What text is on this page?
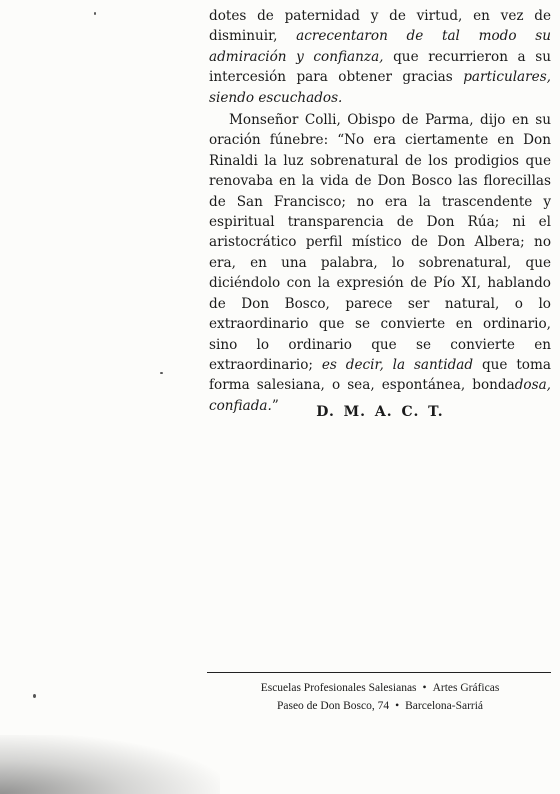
dotes de paternidad y de virtud, en vez de disminuir, acrecentaron de tal modo su admiración y confianza, que recurrieron a su intercesión para obtener gracias particulares, siendo escuchados.

Monseñor Colli, Obispo de Parma, dijo en su oración fúnebre: “No era ciertamente en Don Rinaldi la luz sobrenatural de los prodigios que renovaba en la vida de Don Bosco las florecillas de San Francisco; no era la trascendente y espiritual transparencia de Don Rúa; ni el aristocrático perfil místico de Don Albera; no era, en una palabra, lo sobrenatural, que diciéndolo con la expresión de Pío XI, hablando de Don Bosco, parece ser natural, o lo extraordinario que se convierte en ordinario, sino lo ordinario que se convierte en extraordinario; es decir, la santidad que toma forma salesiana, o sea, espontánea, bondadosa, confiada.”	D. M. A. C. T.
Escuelas Profesionales Salesianas • Artes Gráficas
Paseo de Don Bosco, 74 • Barcelona-Sarriá
